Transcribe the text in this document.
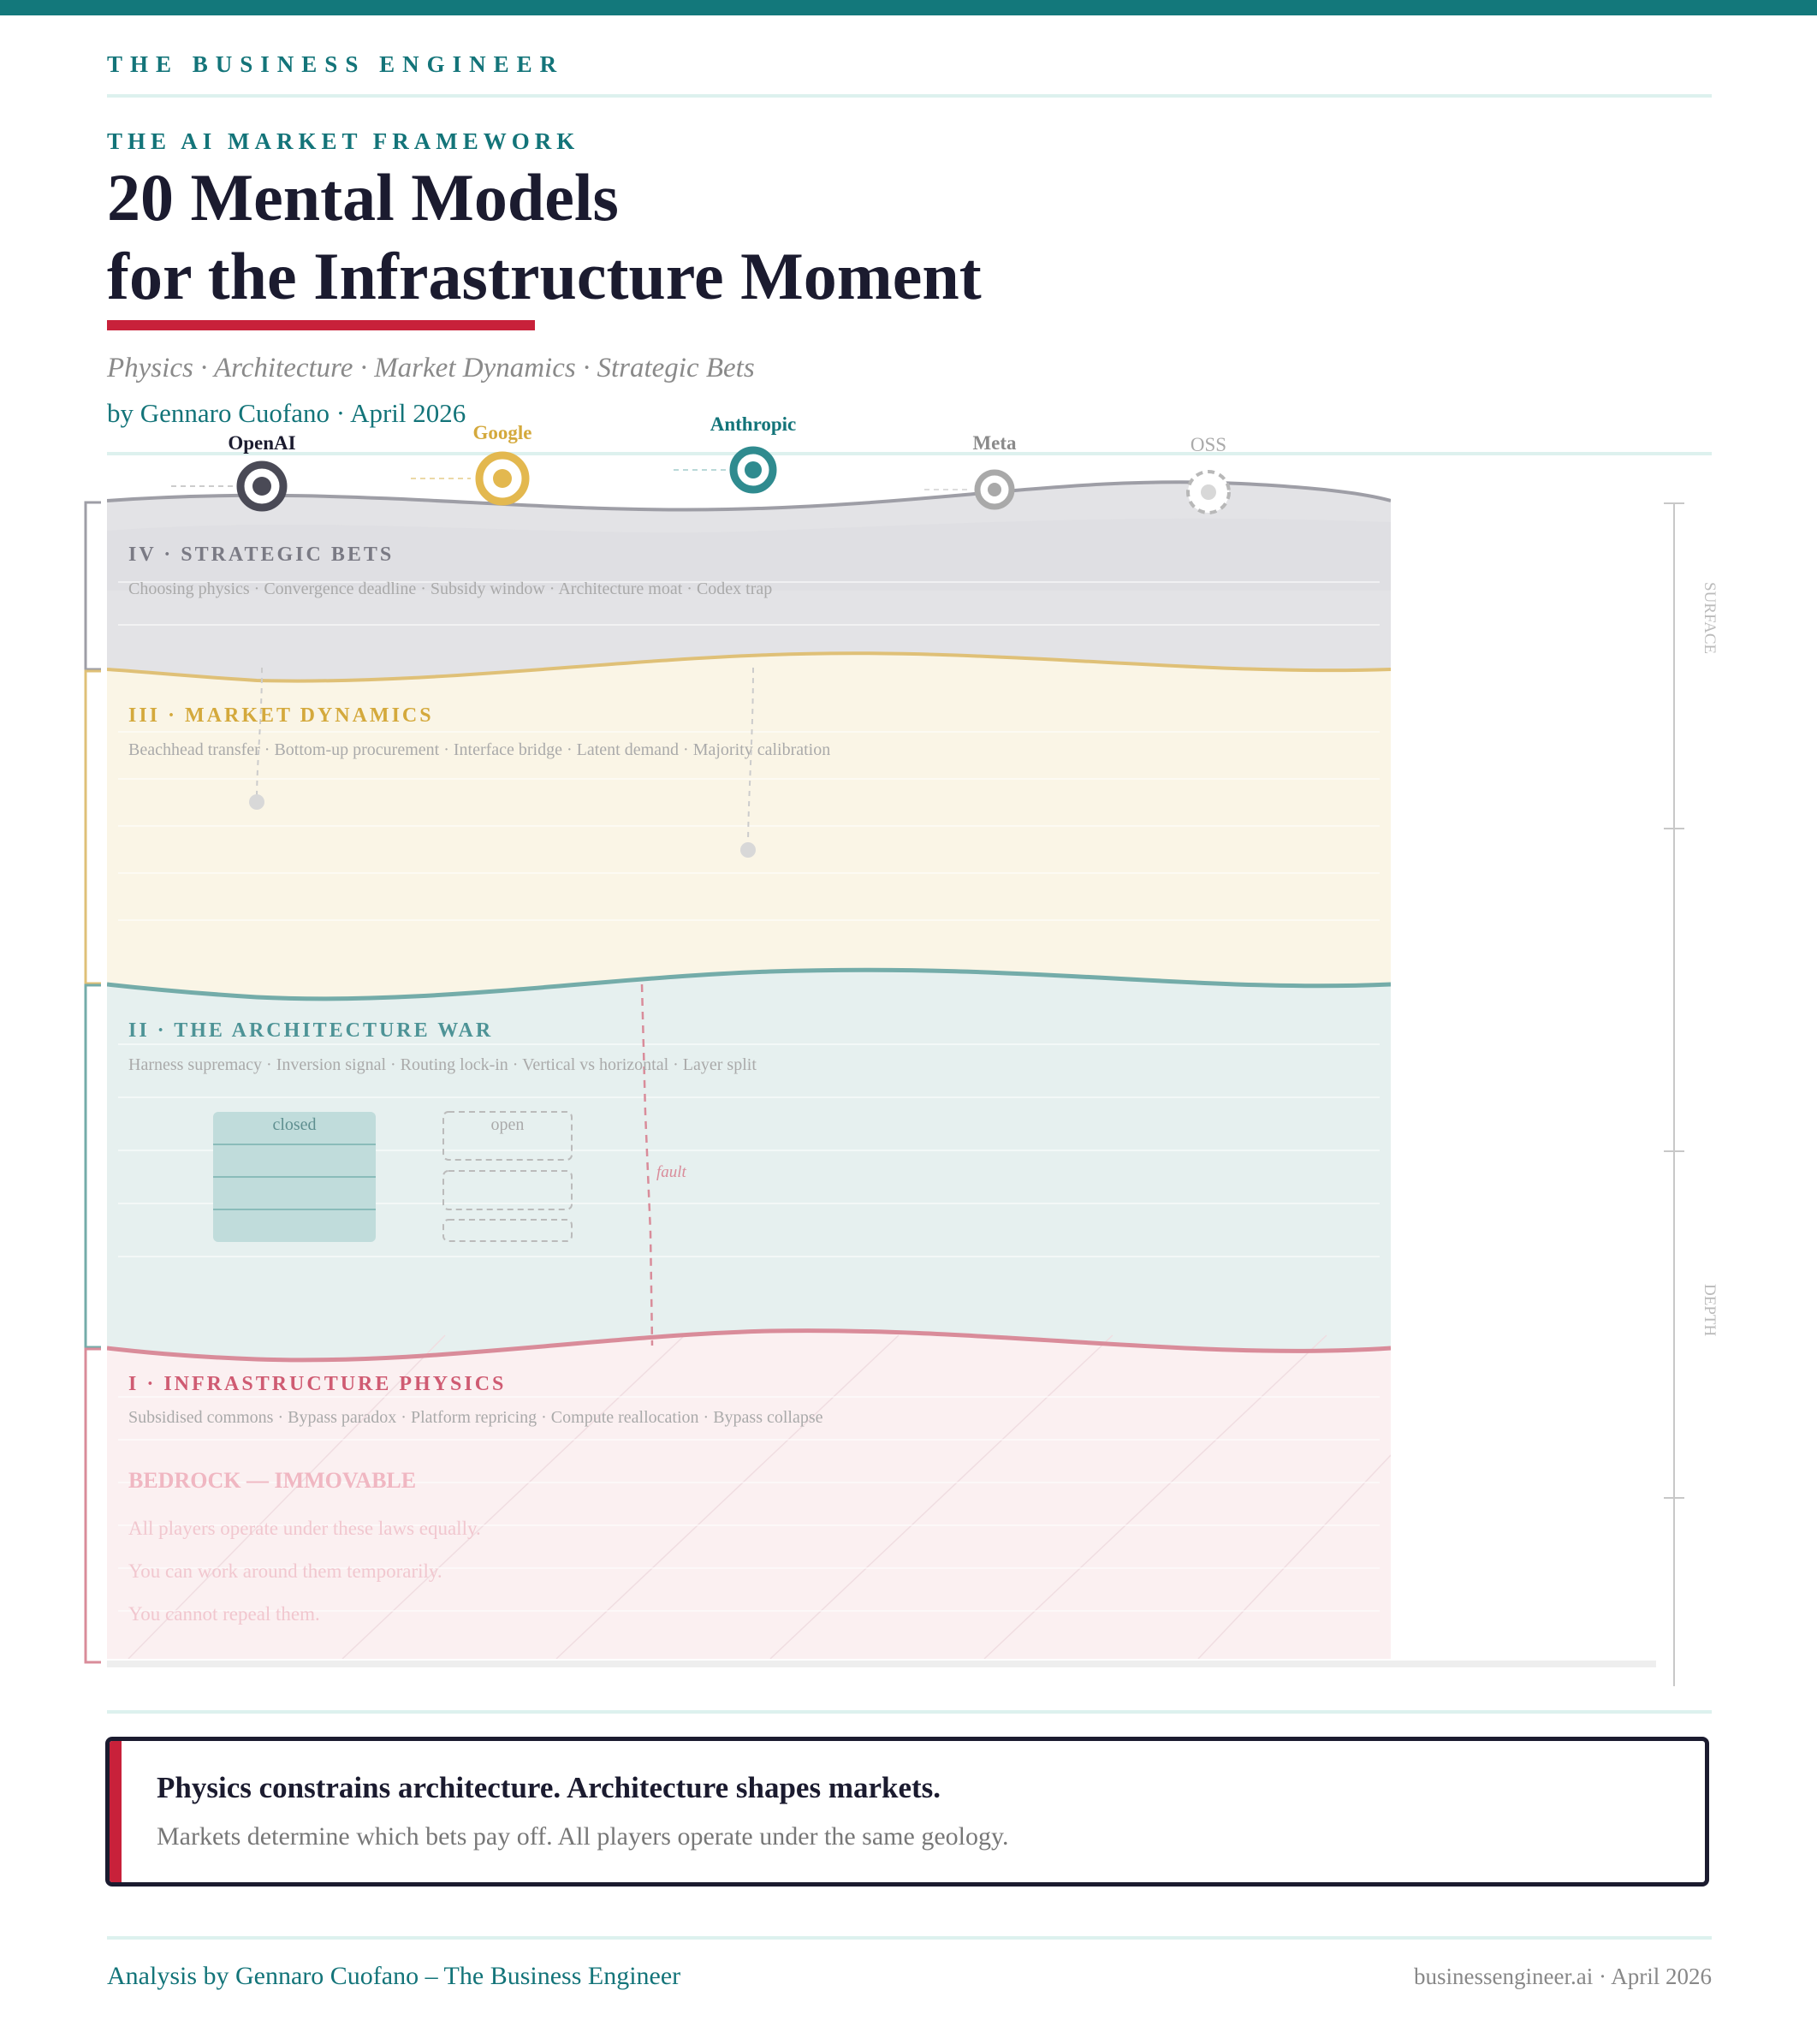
THE BUSINESS ENGINEER
THE AI MARKET FRAMEWORK
20 Mental Models
for the Infrastructure Moment
Physics · Architecture · Market Dynamics · Strategic Bets
by Gennaro Cuofano · April 2026
IV · STRATEGIC BETS
Choosing physics · Convergence deadline · Subsidy window · Architecture moat · Codex trap
III · MARKET DYNAMICS
Beachhead transfer · Bottom-up procurement · Interface bridge · Latent demand · Majority calibration
II · THE ARCHITECTURE WAR
Harness supremacy · Inversion signal · Routing lock-in · Vertical vs horizontal · Layer split
I · INFRASTRUCTURE PHYSICS
Subsidised commons · Bypass paradox · Platform repricing · Compute reallocation · Bypass collapse
closed	open
fault
BEDROCK — IMMOVABLE
All players operate under these laws equally.
You can work around them temporarily.
You cannot repeal them.
SURFACE
DEPTH
OpenAI	Google	Anthropic
Meta	OSS
Physics constrains architecture. Architecture shapes markets.
Markets determine which bets pay off. All players operate under the same geology.
Analysis by Gennaro Cuofano – The Business Engineer	businessengineer.ai · April 2026
